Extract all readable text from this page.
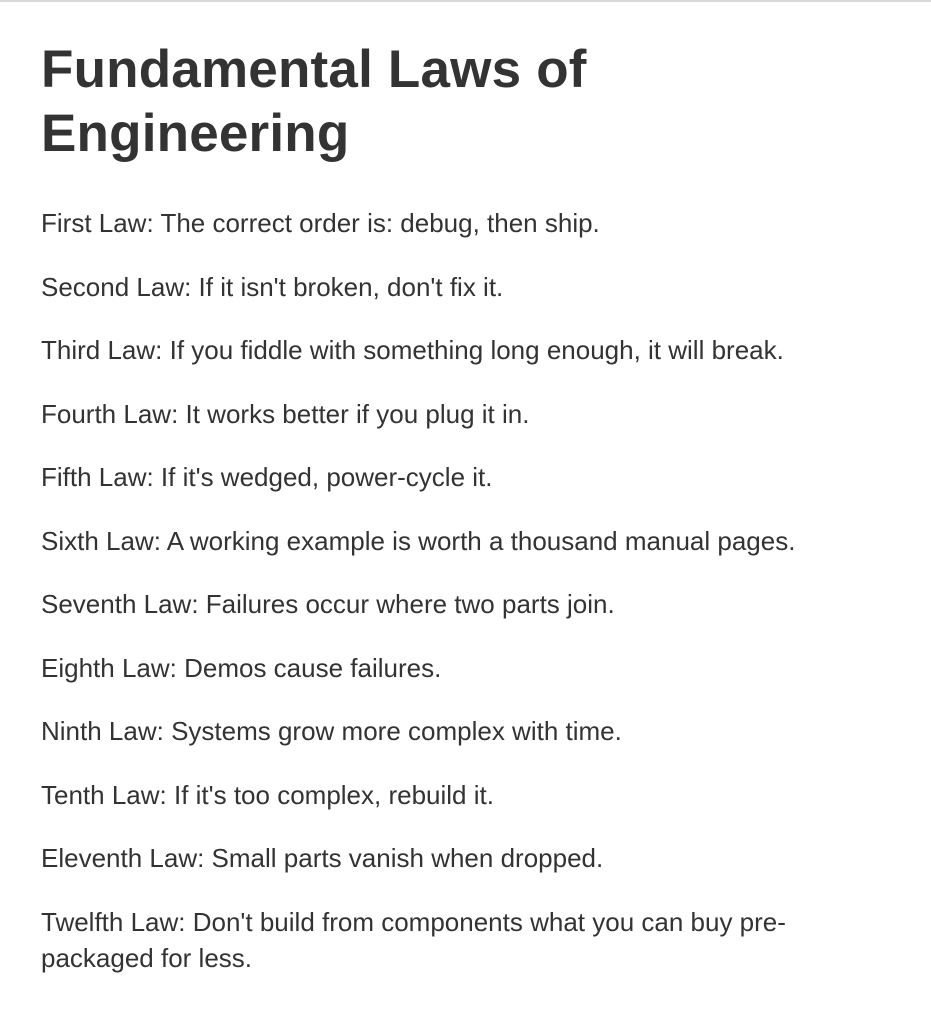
Fundamental Laws of Engineering
First Law: The correct order is: debug, then ship.
Second Law: If it isn't broken, don't fix it.
Third Law: If you fiddle with something long enough, it will break.
Fourth Law: It works better if you plug it in.
Fifth Law: If it's wedged, power-cycle it.
Sixth Law: A working example is worth a thousand manual pages.
Seventh Law: Failures occur where two parts join.
Eighth Law: Demos cause failures.
Ninth Law: Systems grow more complex with time.
Tenth Law: If it's too complex, rebuild it.
Eleventh Law: Small parts vanish when dropped.
Twelfth Law: Don't build from components what you can buy pre-packaged for less.
